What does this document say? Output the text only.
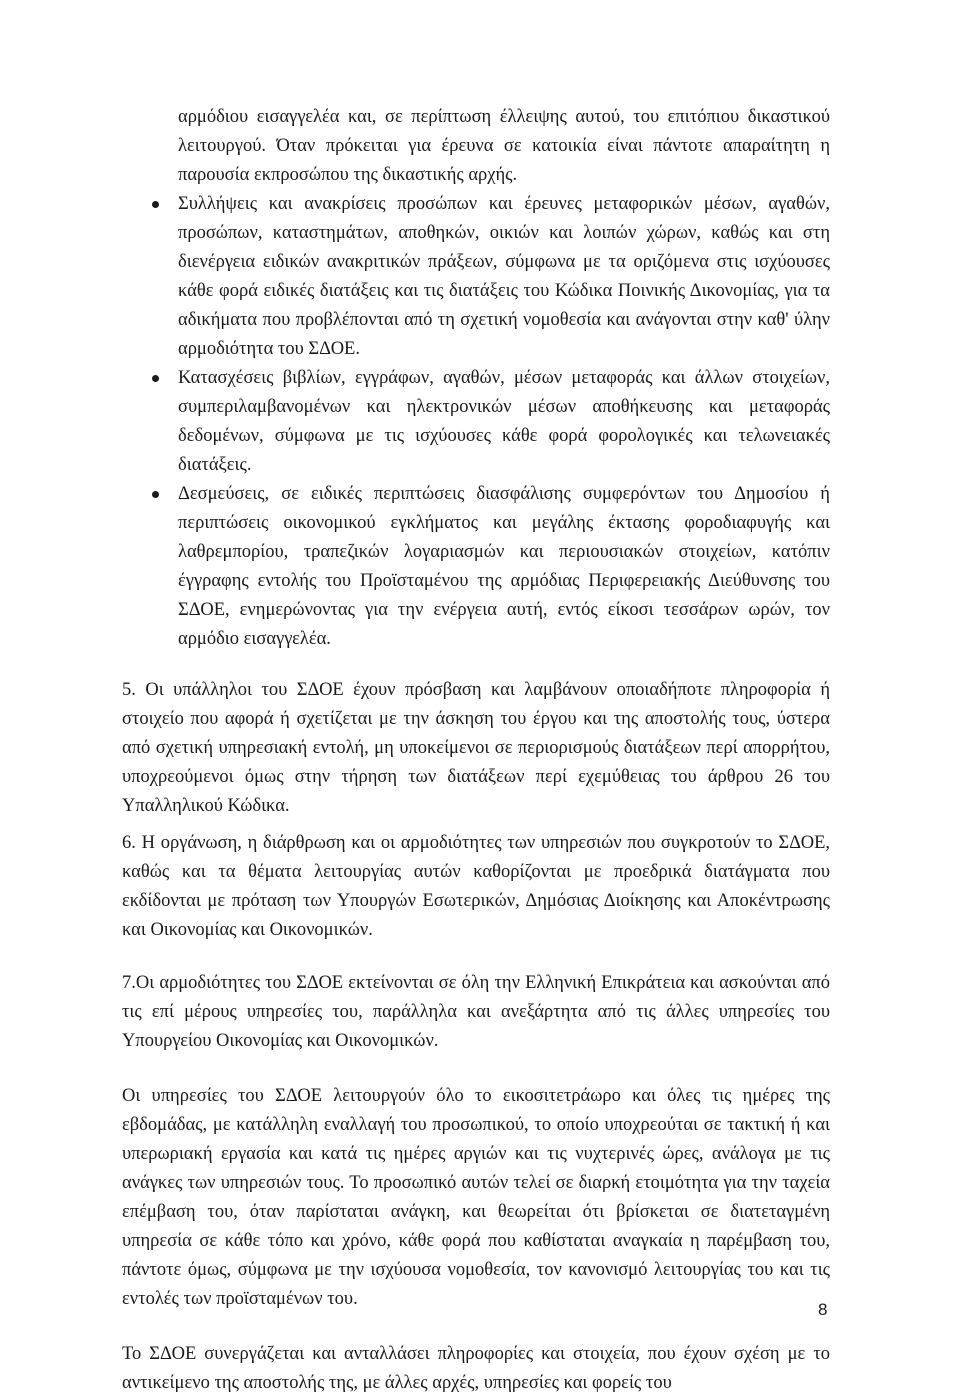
αρμόδιου εισαγγελέα και, σε περίπτωση έλλειψης αυτού, του επιτόπιου δικαστικού λειτουργού. Όταν πρόκειται για έρευνα σε κατοικία είναι πάντοτε απαραίτητη η παρουσία εκπροσώπου της δικαστικής αρχής.

Συλλήψεις και ανακρίσεις προσώπων και έρευνες μεταφορικών μέσων, αγαθών, προσώπων, καταστημάτων, αποθηκών, οικιών και λοιπών χώρων, καθώς και στη διενέργεια ειδικών ανακριτικών πράξεων, σύμφωνα με τα οριζόμενα στις ισχύουσες κάθε φορά ειδικές διατάξεις και τις διατάξεις του Κώδικα Ποινικής Δικονομίας, για τα αδικήματα που προβλέπονται από τη σχετική νομοθεσία και ανάγονται στην καθ' ύλην αρμοδιότητα του ΣΔΟΕ.
Κατασχέσεις βιβλίων, εγγράφων, αγαθών, μέσων μεταφοράς και άλλων στοιχείων, συμπεριλαμβανομένων και ηλεκτρονικών μέσων αποθήκευσης και μεταφοράς δεδομένων, σύμφωνα με τις ισχύουσες κάθε φορά φορολογικές και τελωνειακές διατάξεις.
Δεσμεύσεις, σε ειδικές περιπτώσεις διασφάλισης συμφερόντων του Δημοσίου ή περιπτώσεις οικονομικού εγκλήματος και μεγάλης έκτασης φοροδιαφυγής και λαθρεμπορίου, τραπεζικών λογαριασμών και περιουσιακών στοιχείων, κατόπιν έγγραφης εντολής του Προϊσταμένου της αρμόδιας Περιφερειακής Διεύθυνσης του ΣΔΟΕ, ενημερώνοντας για την ενέργεια αυτή, εντός είκοσι τεσσάρων ωρών, τον αρμόδιο εισαγγελέα.

5. Οι υπάλληλοι του ΣΔΟΕ έχουν πρόσβαση και λαμβάνουν οποιαδήποτε πληροφορία ή στοιχείο που αφορά ή σχετίζεται με την άσκηση του έργου και της αποστολής τους, ύστερα από σχετική υπηρεσιακή εντολή, μη υποκείμενοι σε περιορισμούς διατάξεων περί απορρήτου, υποχρεούμενοι όμως στην τήρηση των διατάξεων περί εχεμύθειας του άρθρου 26 του Υπαλληλικού Κώδικα.

6. Η οργάνωση, η διάρθρωση και οι αρμοδιότητες των υπηρεσιών που συγκροτούν το ΣΔΟΕ, καθώς και τα θέματα λειτουργίας αυτών καθορίζονται με προεδρικά διατάγματα που εκδίδονται με πρόταση των Υπουργών Εσωτερικών, Δημόσιας Διοίκησης και Αποκέντρωσης και Οικονομίας και Οικονομικών.

7.Οι αρμοδιότητες του ΣΔΟΕ εκτείνονται σε όλη την Ελληνική Επικράτεια και ασκούνται από τις επί μέρους υπηρεσίες του, παράλληλα και ανεξάρτητα από τις άλλες υπηρεσίες του Υπουργείου Οικονομίας και Οικονομικών.

Οι υπηρεσίες του ΣΔΟΕ λειτουργούν όλο το εικοσιτετράωρο και όλες τις ημέρες της εβδομάδας, με κατάλληλη εναλλαγή του προσωπικού, το οποίο υποχρεούται σε τακτική ή και υπερωριακή εργασία και κατά τις ημέρες αργιών και τις νυχτερινές ώρες, ανάλογα με τις ανάγκες των υπηρεσιών τους. Το προσωπικό αυτών τελεί σε διαρκή ετοιμότητα για την ταχεία επέμβαση του, όταν παρίσταται ανάγκη, και θεωρείται ότι βρίσκεται σε διατεταγμένη υπηρεσία σε κάθε τόπο και χρόνο, κάθε φορά που καθίσταται αναγκαία η παρέμβαση του, πάντοτε όμως, σύμφωνα με την ισχύουσα νομοθεσία, τον κανονισμό λειτουργίας του και τις εντολές των προϊσταμένων του.

Το ΣΔΟΕ συνεργάζεται και ανταλλάσει πληροφορίες και στοιχεία, που έχουν σχέση με το αντικείμενο της αποστολής της, με άλλες αρχές, υπηρεσίες και φορείς του

8
